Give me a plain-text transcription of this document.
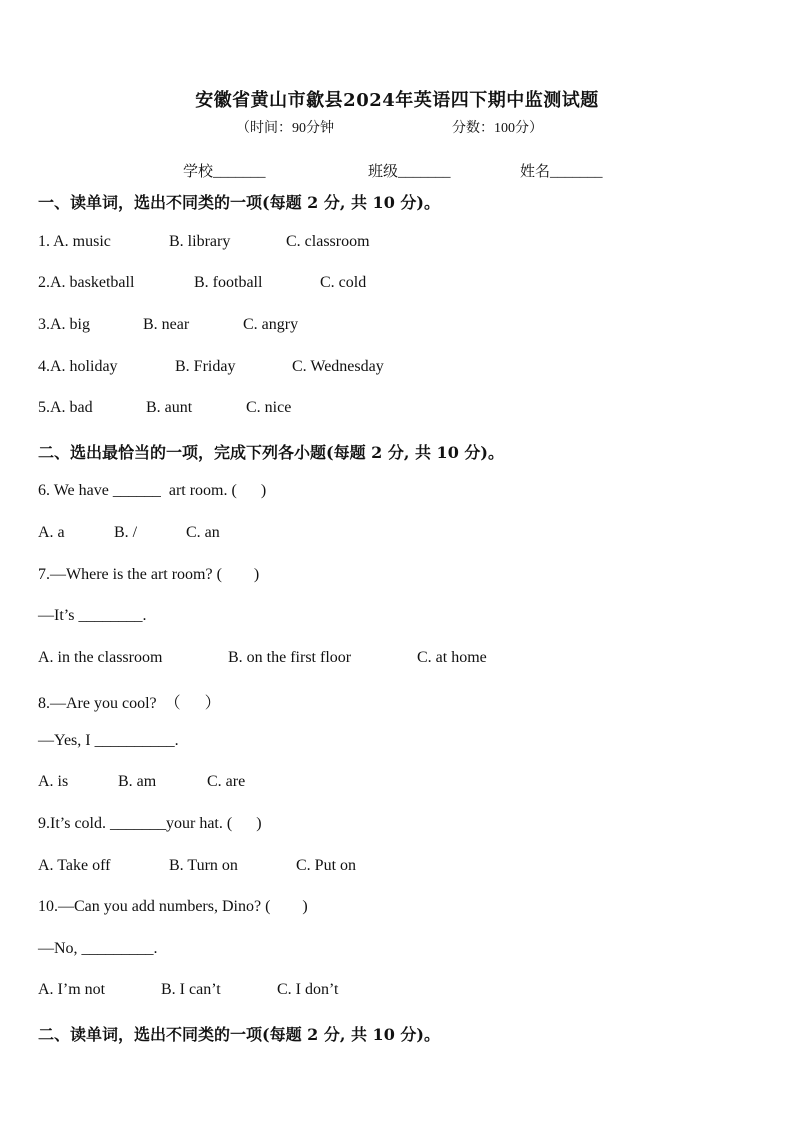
安徽省黄山市歙县2024年英语四下期中监测试题
（时间：90分钟	分数：100分）
学校_______	班级_______	姓名_______
一、读单词，选出不同类的一项(每题 2 分, 共 10 分)。
1. A. music	B. library	C. classroom
2.A. basketball	B. football	C. cold
3.A. big	B. near	C. angry
4.A. holiday	B. Friday	C. Wednesday
5.A. bad	B. aunt	C. nice
二、选出最恰当的一项，完成下列各小题(每题 2 分, 共 10 分)。
6. We have ______  art room. (      )
A. a	B. /	C. an
7.—Where is the art room? (        )
—It’s ________.
A. in the classroom	B. on the first floor	C. at home
8.—Are you cool?  （      ）
—Yes, I __________.
A. is	B. am	C. are
9.It’s cold. _______your hat. (      )
A. Take off	B. Turn on	C. Put on
10.—Can you add numbers, Dino? (        )
—No, _________.
A. I’m not	B. I can’t	C. I don’t
二、读单词，选出不同类的一项(每题 2 分, 共 10 分)。
